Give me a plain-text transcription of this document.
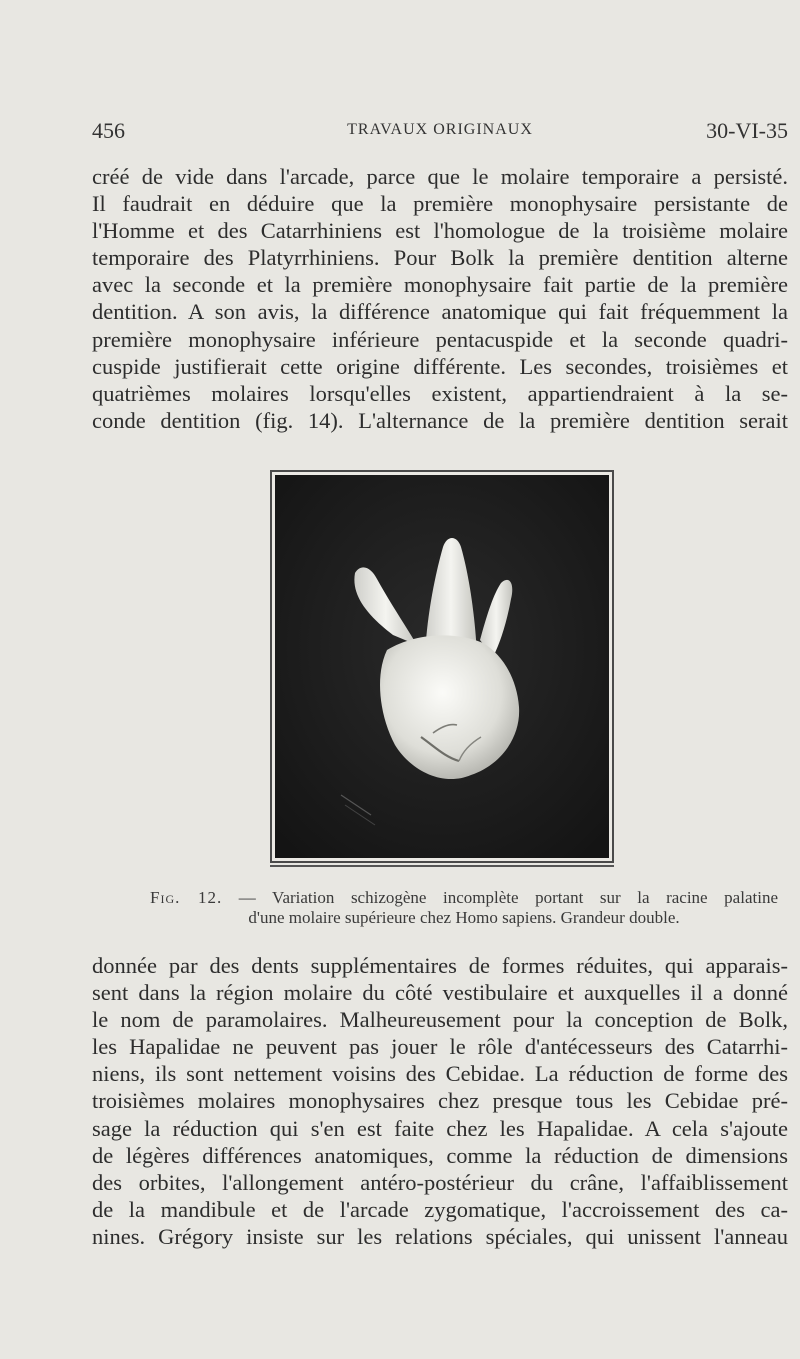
456	TRAVAUX ORIGINAUX	30-VI-35

créé de vide dans l'arcade, parce que le molaire temporaire a persisté.
Il faudrait en déduire que la première monophysaire persistante de
l'Homme et des Catarrhiniens est l'homologue de la troisième molaire
temporaire des Platyrrhiniens. Pour Bolk la première dentition alterne
avec la seconde et la première monophysaire fait partie de la première
dentition. A son avis, la différence anatomique qui fait fréquemment la
première monophysaire inférieure pentacuspide et la seconde quadri-
cuspide justifierait cette origine différente. Les secondes, troisièmes et
quatrièmes molaires lorsqu'elles existent, appartiendraient à la se-
conde dentition (fig. 14). L'alternance de la première dentition serait

Fig. 12. — Variation schizogène incomplète portant sur la racine palatine
d'une molaire supérieure chez Homo sapiens. Grandeur double.

donnée par des dents supplémentaires de formes réduites, qui apparais-
sent dans la région molaire du côté vestibulaire et auxquelles il a donné
le nom de paramolaires. Malheureusement pour la conception de Bolk,
les Hapalidae ne peuvent pas jouer le rôle d'antécesseurs des Catarrhi-
niens, ils sont nettement voisins des Cebidae. La réduction de forme des
troisièmes molaires monophysaires chez presque tous les Cebidae pré-
sage la réduction qui s'en est faite chez les Hapalidae. A cela s'ajoute
de légères différences anatomiques, comme la réduction de dimensions
des orbites, l'allongement antéro-postérieur du crâne, l'affaiblissement
de la mandibule et de l'arcade zygomatique, l'accroissement des ca-
nines. Grégory insiste sur les relations spéciales, qui unissent l'anneau
